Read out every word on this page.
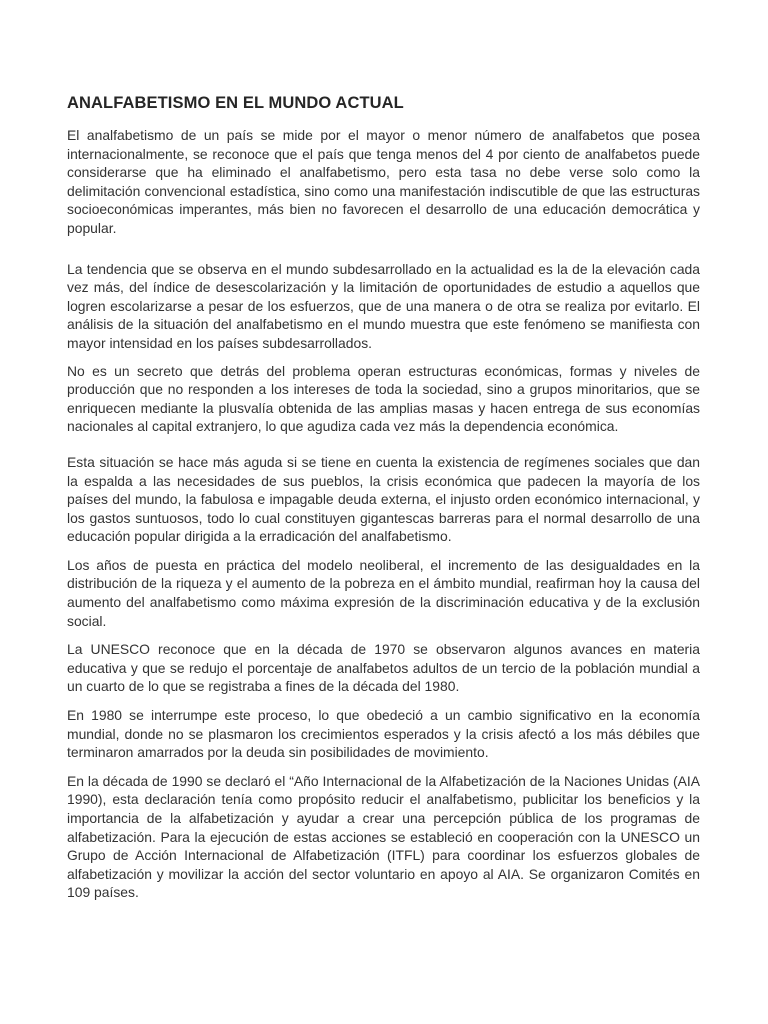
ANALFABETISMO EN EL MUNDO ACTUAL

El analfabetismo de un país se mide por el mayor o menor número de analfabetos que posea internacionalmente, se reconoce que el país que tenga menos del 4 por ciento de analfabetos puede considerarse que ha eliminado el analfabetismo, pero esta tasa no debe verse solo como la delimitación convencional estadística, sino como una manifestación indiscutible de que las estructuras socioeconómicas imperantes, más bien no favorecen el desarrollo de una educación democrática y popular.

La tendencia que se observa en el mundo subdesarrollado en la actualidad es la de la elevación cada vez más, del índice de desescolarización y la limitación de oportunidades de estudio a aquellos que logren escolarizarse a pesar de los esfuerzos, que de una manera o de otra se realiza por evitarlo. El análisis de la situación del analfabetismo en el mundo muestra que este fenómeno se manifiesta con mayor intensidad en los países subdesarrollados.

No es un secreto que detrás del problema operan estructuras económicas, formas y niveles de producción que no responden a los intereses de toda la sociedad, sino a grupos minoritarios, que se enriquecen mediante la plusvalía obtenida de las amplias masas y hacen entrega de sus economías nacionales al capital extranjero, lo que agudiza cada vez más la dependencia económica.

Esta situación se hace más aguda si se tiene en cuenta la existencia de regímenes sociales que dan la espalda a las necesidades de sus pueblos, la crisis económica que padecen la mayoría de los países del mundo, la fabulosa e impagable deuda externa, el injusto orden económico internacional, y los gastos suntuosos, todo lo cual constituyen gigantescas barreras para el normal desarrollo de una educación popular dirigida a la erradicación del analfabetismo.

Los años de puesta en práctica del modelo neoliberal, el incremento de las desigualdades en la distribución de la riqueza y el aumento de la pobreza en el ámbito mundial, reafirman hoy la causa del aumento del analfabetismo como máxima expresión de la discriminación educativa y de la exclusión social.

La UNESCO reconoce que en la década de 1970 se observaron algunos avances en materia educativa y que se redujo el porcentaje de analfabetos adultos de un tercio de la población mundial a un cuarto de lo que se registraba a fines de la década del 1980.

En 1980 se interrumpe este proceso, lo que obedeció a un cambio significativo en la economía mundial, donde no se plasmaron los crecimientos esperados y la crisis afectó a los más débiles que terminaron amarrados por la deuda sin posibilidades de movimiento.

En la década de 1990 se declaró el “Año Internacional de la Alfabetización de la Naciones Unidas (AIA 1990), esta declaración tenía como propósito reducir el analfabetismo, publicitar los beneficios y la importancia de la alfabetización y ayudar a crear una percepción pública de los programas de alfabetización. Para la ejecución de estas acciones se estableció en cooperación con la UNESCO un Grupo de Acción Internacional de Alfabetización (ITFL) para coordinar los esfuerzos globales de alfabetización y movilizar la acción del sector voluntario en apoyo al AIA. Se organizaron Comités en 109 países.
